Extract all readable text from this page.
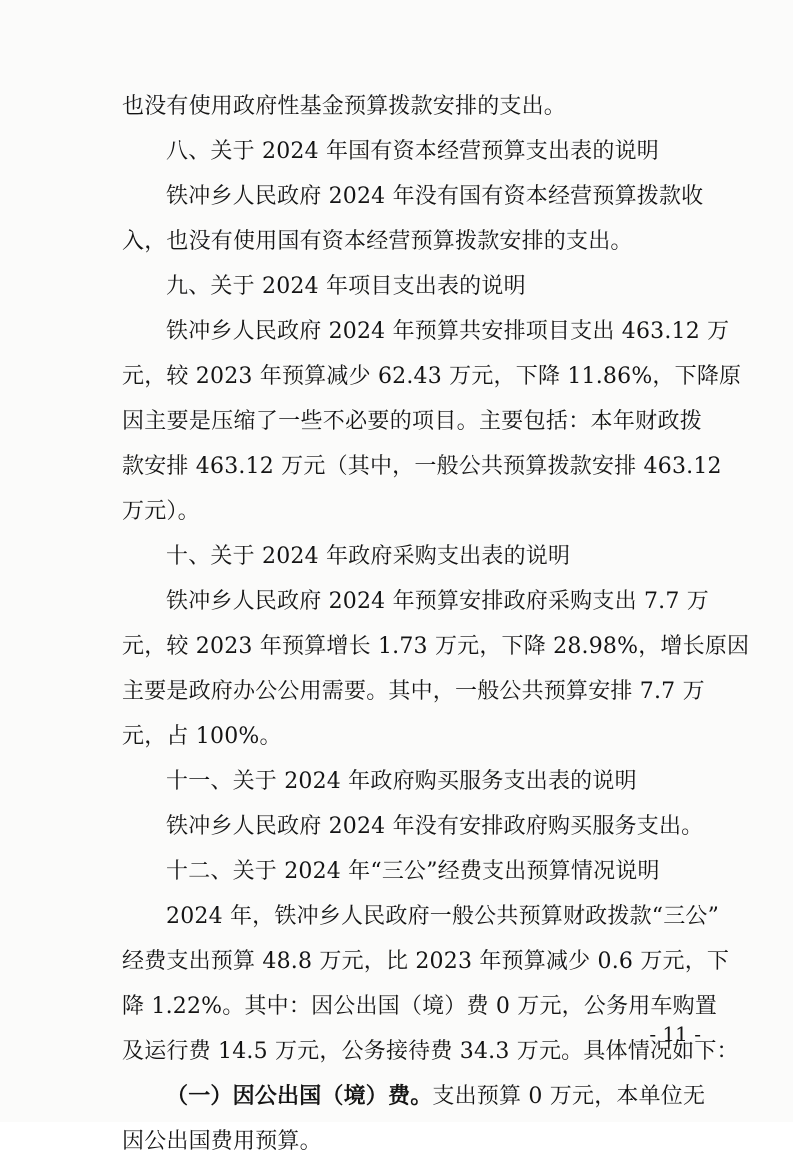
也没有使用政府性基金预算拨款安排的支出。
八、关于 2024 年国有资本经营预算支出表的说明
铁冲乡人民政府 2024 年没有国有资本经营预算拨款收
入，也没有使用国有资本经营预算拨款安排的支出。
九、关于 2024 年项目支出表的说明
铁冲乡人民政府 2024 年预算共安排项目支出 463.12 万
元，较 2023 年预算减少 62.43 万元，下降 11.86%，下降原
因主要是压缩了一些不必要的项目。主要包括：本年财政拨
款安排 463.12 万元（其中，一般公共预算拨款安排 463.12
万元）。
十、关于 2024 年政府采购支出表的说明
铁冲乡人民政府 2024 年预算安排政府采购支出 7.7 万
元，较 2023 年预算增长 1.73 万元，下降 28.98%，增长原因
主要是政府办公公用需要。其中，一般公共预算安排 7.7 万
元，占 100%。
十一、关于 2024 年政府购买服务支出表的说明
铁冲乡人民政府 2024 年没有安排政府购买服务支出。
十二、关于 2024 年“三公”经费支出预算情况说明
2024 年，铁冲乡人民政府一般公共预算财政拨款“三公”
经费支出预算 48.8 万元，比 2023 年预算减少 0.6 万元，下
降 1.22%。其中：因公出国（境）费 0 万元，公务用车购置
及运行费 14.5 万元，公务接待费 34.3 万元。具体情况如下：
（一）因公出国（境）费。支出预算 0 万元，本单位无
因公出国费用预算。
- 11 -
